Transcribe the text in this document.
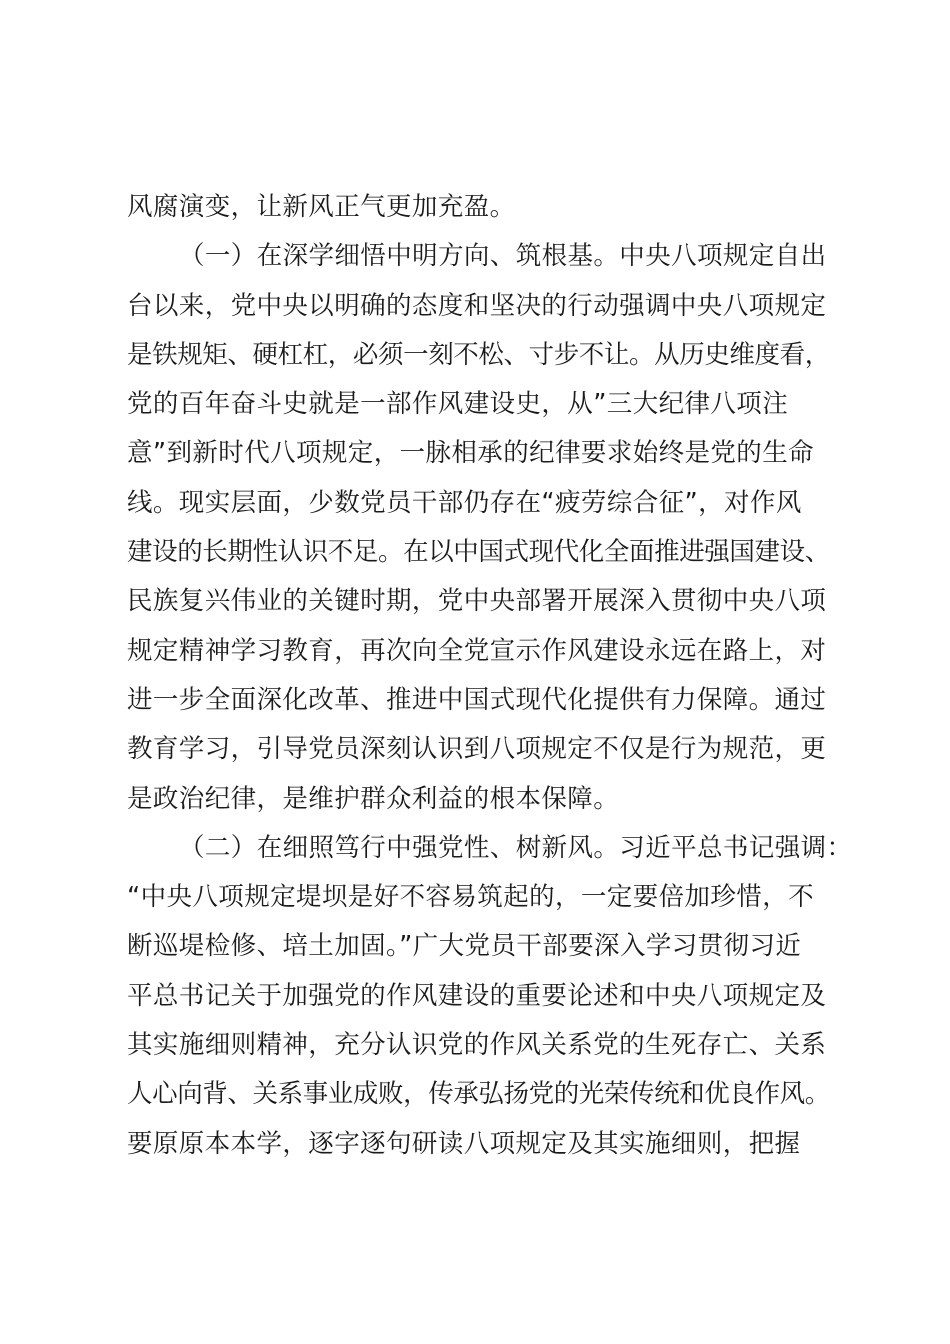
风腐演变，让新风正气更加充盈。
（一）在深学细悟中明方向、筑根基。中央八项规定自出
台以来，党中央以明确的态度和坚决的行动强调中央八项规定
是铁规矩、硬杠杠，必须一刻不松、寸步不让。从历史维度看，
党的百年奋斗史就是一部作风建设史，从”三大纪律八项注
意”到新时代八项规定，一脉相承的纪律要求始终是党的生命
线。现实层面，少数党员干部仍存在“疲劳综合征”，对作风
建设的长期性认识不足。在以中国式现代化全面推进强国建设、
民族复兴伟业的关键时期，党中央部署开展深入贯彻中央八项
规定精神学习教育，再次向全党宣示作风建设永远在路上，对
进一步全面深化改革、推进中国式现代化提供有力保障。通过
教育学习，引导党员深刻认识到八项规定不仅是行为规范，更
是政治纪律，是维护群众利益的根本保障。
（二）在细照笃行中强党性、树新风。习近平总书记强调：
“中央八项规定堤坝是好不容易筑起的，一定要倍加珍惜，不
断巡堤检修、培土加固。”广大党员干部要深入学习贯彻习近
平总书记关于加强党的作风建设的重要论述和中央八项规定及
其实施细则精神，充分认识党的作风关系党的生死存亡、关系
人心向背、关系事业成败，传承弘扬党的光荣传统和优良作风。
要原原本本学，逐字逐句研读八项规定及其实施细则，把握
